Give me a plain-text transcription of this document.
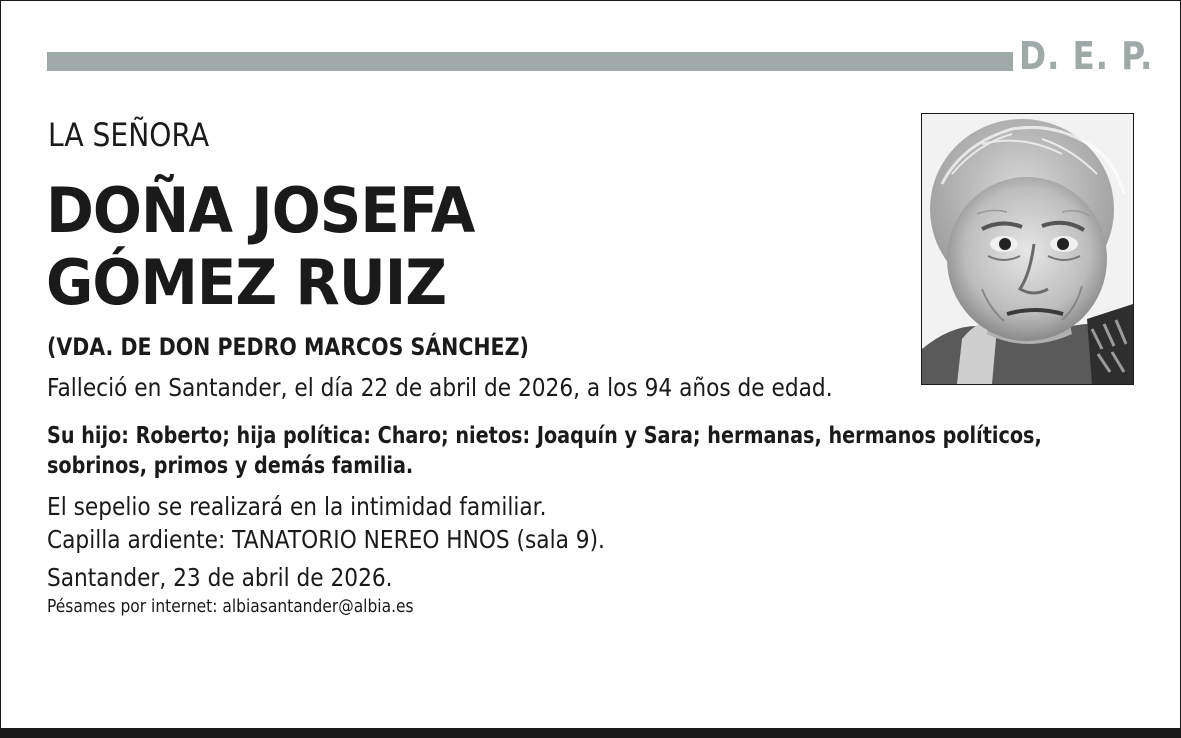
D. E. P.
LA SEÑORA
DOÑA JOSEFA
GÓMEZ RUIZ
(VDA. DE DON PEDRO MARCOS SÁNCHEZ)
Falleció en Santander, el día 22 de abril de 2026, a los 94 años de edad.
Su hijo: Roberto; hija política: Charo; nietos: Joaquín y Sara; hermanas, hermanos políticos,
sobrinos, primos y demás familia.
El sepelio se realizará en la intimidad familiar.
Capilla ardiente: TANATORIO NEREO HNOS (sala 9).
Santander, 23 de abril de 2026.
Pésames por internet: albiasantander@albia.es
